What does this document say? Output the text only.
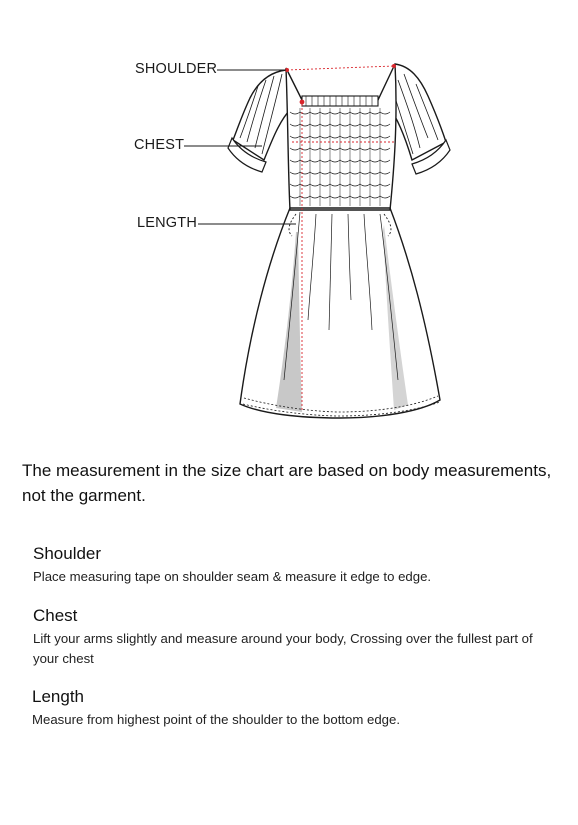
SHOULDER
CHEST
LENGTH
The measurement in the size chart are based on body measurements, not the garment.
Shoulder

Place measuring tape on shoulder seam & measure it edge to edge.

Chest

Lift your arms slightly and measure around your body, Crossing over the fullest part of your chest

Length

Measure from highest point of the shoulder to the bottom edge.
